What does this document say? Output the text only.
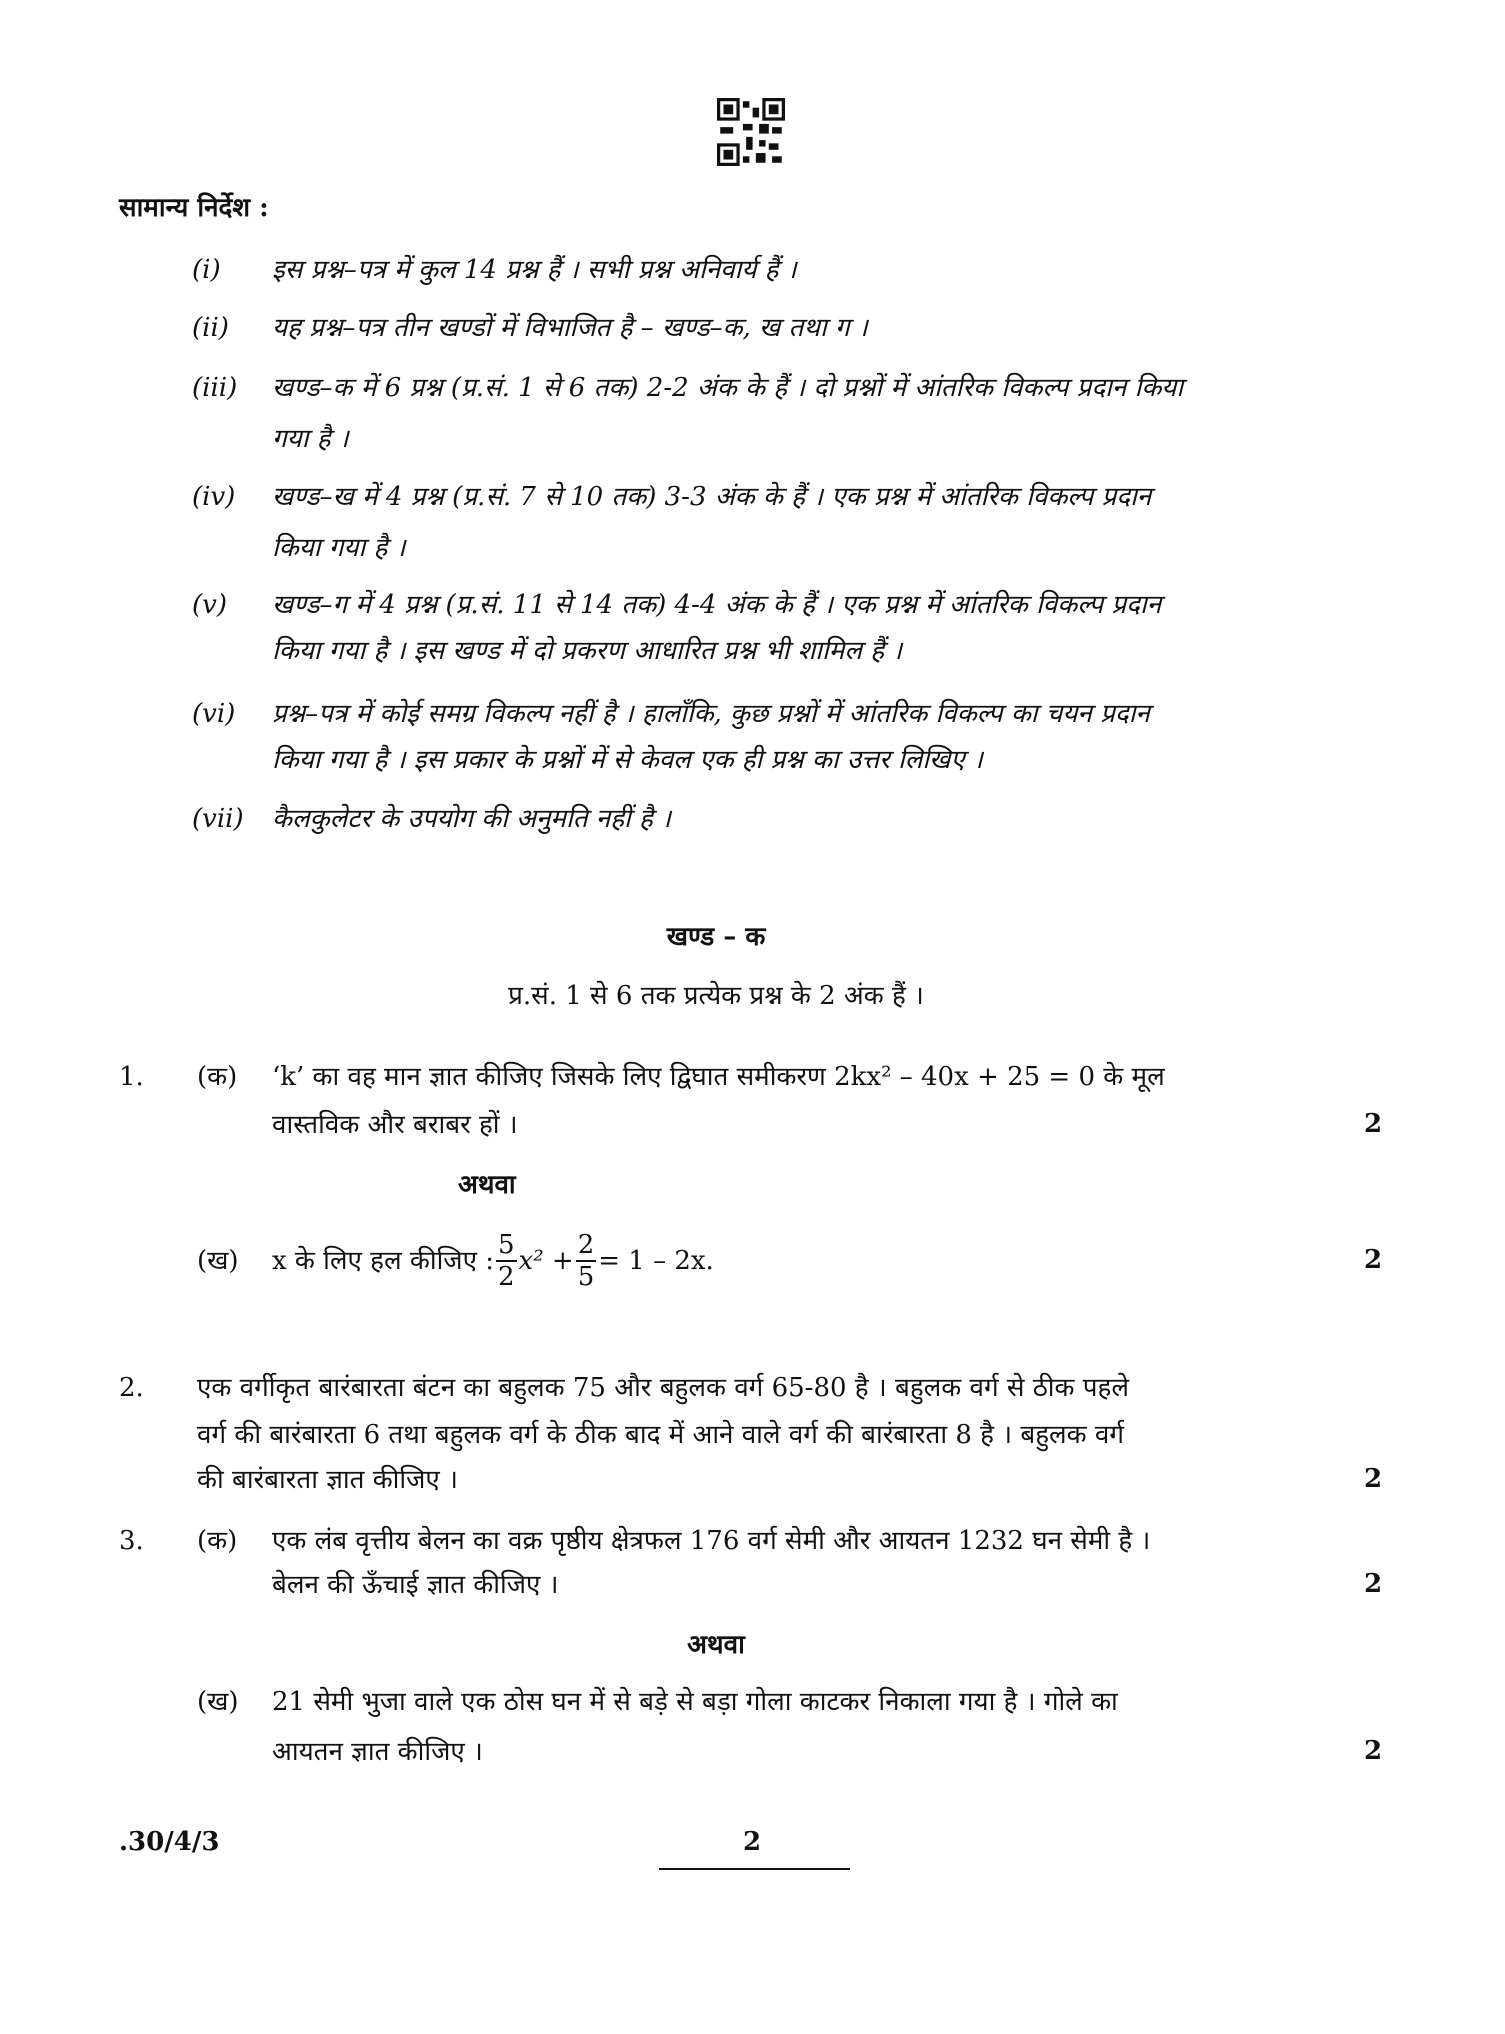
सामान्य निर्देश :
(i) इस प्रश्न–पत्र में कुल 14 प्रश्न हैं । सभी प्रश्न अनिवार्य हैं ।
(ii) यह प्रश्न–पत्र तीन खण्डों में विभाजित है – खण्ड–क, ख तथा ग ।
(iii) खण्ड–क में 6 प्रश्न (प्र.सं. 1 से 6 तक) 2-2 अंक के हैं । दो प्रश्नों में आंतरिक विकल्प प्रदान किया
गया है ।
(iv) खण्ड–ख में 4 प्रश्न (प्र.सं. 7 से 10 तक) 3-3 अंक के हैं । एक प्रश्न में आंतरिक विकल्प प्रदान
किया गया है ।
(v) खण्ड–ग में 4 प्रश्न (प्र.सं. 11 से 14 तक) 4-4 अंक के हैं । एक प्रश्न में आंतरिक विकल्प प्रदान
किया गया है । इस खण्ड में दो प्रकरण आधारित प्रश्न भी शामिल हैं ।
(vi) प्रश्न–पत्र में कोई समग्र विकल्प नहीं है । हालाँकि, कुछ प्रश्नों में आंतरिक विकल्प का चयन प्रदान
किया गया है । इस प्रकार के प्रश्नों में से केवल एक ही प्रश्न का उत्तर लिखिए ।
(vii) कैलकुलेटर के उपयोग की अनुमति नहीं है ।
खण्ड – क
प्र.सं. 1 से 6 तक प्रत्येक प्रश्न के 2 अंक हैं ।
1. (क) ‘k’ का वह मान ज्ञात कीजिए जिसके लिए द्विघात समीकरण 2kx² – 40x + 25 = 0 के मूल
वास्तविक और बराबर हों ।	2
अथवा
(ख) x के लिए हल कीजिए : $\frac{5}{2} x^2 + \frac{2}{5} = 1 - 2x$.	2
2. एक वर्गीकृत बारंबारता बंटन का बहुलक 75 और बहुलक वर्ग 65-80 है । बहुलक वर्ग से ठीक पहले
वर्ग की बारंबारता 6 तथा बहुलक वर्ग के ठीक बाद में आने वाले वर्ग की बारंबारता 8 है । बहुलक वर्ग
की बारंबारता ज्ञात कीजिए ।	2
3. (क) एक लंब वृत्तीय बेलन का वक्र पृष्ठीय क्षेत्रफल 176 वर्ग सेमी और आयतन 1232 घन सेमी है ।
बेलन की ऊँचाई ज्ञात कीजिए ।	2
अथवा
(ख) 21 सेमी भुजा वाले एक ठोस घन में से बड़े से बड़ा गोला काटकर निकाला गया है । गोले का
आयतन ज्ञात कीजिए ।	2
.30/4/3	2
